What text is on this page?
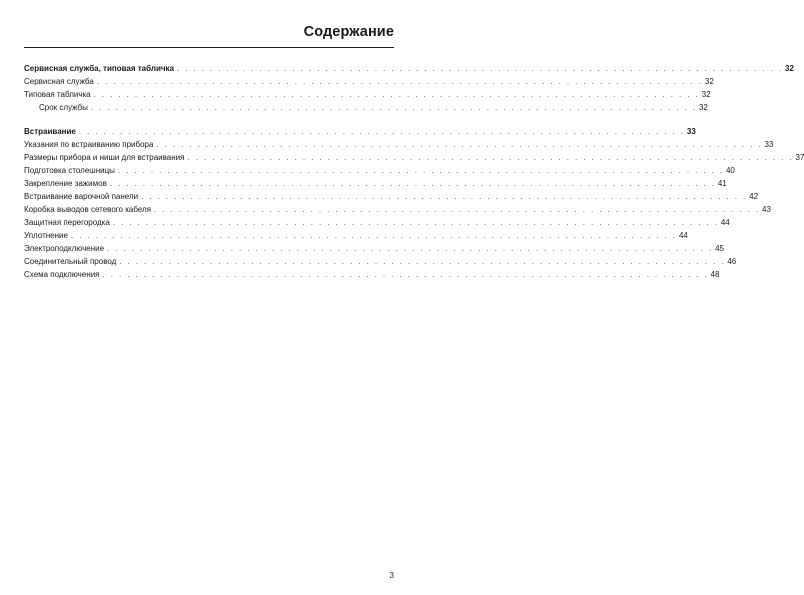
Содержание
Сервисная служба, типовая табличка . . . . . . . . . . . . . . . . . . . . . . . . . . . . . . . . . . . . . . . . . . . . . . . . . . . . . . . . . . . . . . . . . . . . . . . . . . 32
Сервисная служба . . . . . . . . . . . . . . . . . . . . . . . . . . . . . . . . . . . . . . . . . . . . . . . . . . . . . . . . . . . . . . . . . . . . . . . . . . 32
Типовая табличка . . . . . . . . . . . . . . . . . . . . . . . . . . . . . . . . . . . . . . . . . . . . . . . . . . . . . . . . . . . . . . . . . . . . . . . . . . 32
Срок службы . . . . . . . . . . . . . . . . . . . . . . . . . . . . . . . . . . . . . . . . . . . . . . . . . . . . . . . . . . . . . . . . . . . . . . . . . . 32
Встраивание . . . . . . . . . . . . . . . . . . . . . . . . . . . . . . . . . . . . . . . . . . . . . . . . . . . . . . . . . . . . . . . . . . . . . . . . . . 33
Указания по встраиванию прибора . . . . . . . . . . . . . . . . . . . . . . . . . . . . . . . . . . . . . . . . . . . . . . . . . . . . . . . . . . . . . . . . . . . . . . . . . . 33
Размеры прибора и ниши для встраивания . . . . . . . . . . . . . . . . . . . . . . . . . . . . . . . . . . . . . . . . . . . . . . . . . . . . . . . . . . . . . . . . . . . . . . . . . . 37
Подготовка столешницы . . . . . . . . . . . . . . . . . . . . . . . . . . . . . . . . . . . . . . . . . . . . . . . . . . . . . . . . . . . . . . . . . . . . . . . . . . 40
Закрепление зажимов . . . . . . . . . . . . . . . . . . . . . . . . . . . . . . . . . . . . . . . . . . . . . . . . . . . . . . . . . . . . . . . . . . . . . . . . . . 41
Встраивание варочной панели . . . . . . . . . . . . . . . . . . . . . . . . . . . . . . . . . . . . . . . . . . . . . . . . . . . . . . . . . . . . . . . . . . . . . . . . . . 42
Коробка выводов сетевого кабеля . . . . . . . . . . . . . . . . . . . . . . . . . . . . . . . . . . . . . . . . . . . . . . . . . . . . . . . . . . . . . . . . . . . . . . . . . . 43
Защитная перегородка . . . . . . . . . . . . . . . . . . . . . . . . . . . . . . . . . . . . . . . . . . . . . . . . . . . . . . . . . . . . . . . . . . . . . . . . . . 44
Уплотнение . . . . . . . . . . . . . . . . . . . . . . . . . . . . . . . . . . . . . . . . . . . . . . . . . . . . . . . . . . . . . . . . . . . . . . . . . . 44
Электроподключение . . . . . . . . . . . . . . . . . . . . . . . . . . . . . . . . . . . . . . . . . . . . . . . . . . . . . . . . . . . . . . . . . . . . . . . . . . 45
Соединительный провод . . . . . . . . . . . . . . . . . . . . . . . . . . . . . . . . . . . . . . . . . . . . . . . . . . . . . . . . . . . . . . . . . . . . . . . . . . 46
Схема подключения . . . . . . . . . . . . . . . . . . . . . . . . . . . . . . . . . . . . . . . . . . . . . . . . . . . . . . . . . . . . . . . . . . . . . . . . . . 48
3
